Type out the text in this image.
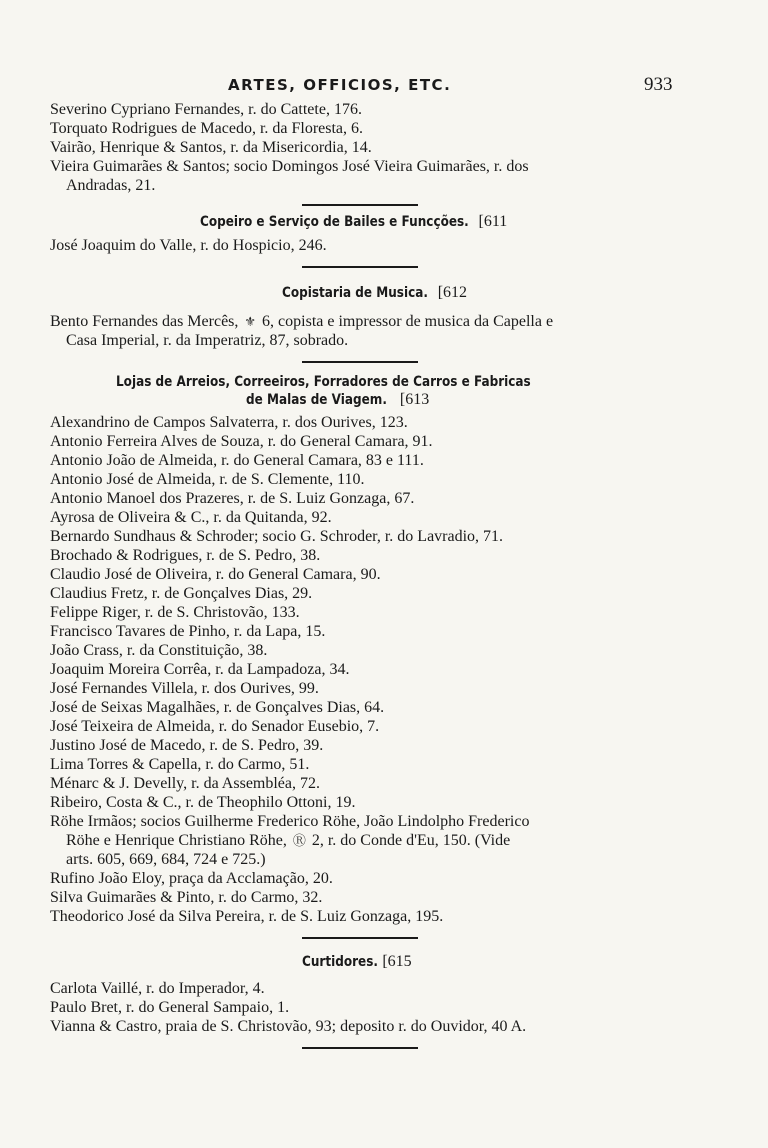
ARTES, OFFICIOS, ETC.	933
Severino Cypriano Fernandes, r. do Cattete, 176.
Torquato Rodrigues de Macedo, r. da Floresta, 6.
Vairão, Henrique & Santos, r. da Misericordia, 14.
Vieira Guimarães & Santos; socio Domingos José Vieira Guimarães, r. dos
Andradas, 21.
Copeiro e Serviço de Bailes e Funcções. [611
José Joaquim do Valle, r. do Hospicio, 246.
Copistaria de Musica. [612
Bento Fernandes das Mercês, ⚜ 6, copista e impressor de musica da Capella e
Casa Imperial, r. da Imperatriz, 87, sobrado.
Lojas de Arreios, Correeiros, Forradores de Carros e Fabricas
de Malas de Viagem. [613
Alexandrino de Campos Salvaterra, r. dos Ourives, 123.
Antonio Ferreira Alves de Souza, r. do General Camara, 91.
Antonio João de Almeida, r. do General Camara, 83 e 111.
Antonio José de Almeida, r. de S. Clemente, 110.
Antonio Manoel dos Prazeres, r. de S. Luiz Gonzaga, 67.
Ayrosa de Oliveira & C., r. da Quitanda, 92.
Bernardo Sundhaus & Schroder; socio G. Schroder, r. do Lavradio, 71.
Brochado & Rodrigues, r. de S. Pedro, 38.
Claudio José de Oliveira, r. do General Camara, 90.
Claudius Fretz, r. de Gonçalves Dias, 29.
Felippe Riger, r. de S. Christovão, 133.
Francisco Tavares de Pinho, r. da Lapa, 15.
João Crass, r. da Constituição, 38.
Joaquim Moreira Corrêa, r. da Lampadoza, 34.
José Fernandes Villela, r. dos Ourives, 99.
José de Seixas Magalhães, r. de Gonçalves Dias, 64.
José Teixeira de Almeida, r. do Senador Eusebio, 7.
Justino José de Macedo, r. de S. Pedro, 39.
Lima Torres & Capella, r. do Carmo, 51.
Ménarc & J. Develly, r. da Assembléa, 72.
Ribeiro, Costa & C., r. de Theophilo Ottoni, 19.
Röhe Irmãos; socios Guilherme Frederico Röhe, João Lindolpho Frederico
Röhe e Henrique Christiano Röhe, Ⓡ 2, r. do Conde d'Eu, 150. (Vide
arts. 605, 669, 684, 724 e 725.)
Rufino João Eloy, praça da Acclamação, 20.
Silva Guimarães & Pinto, r. do Carmo, 32.
Theodorico José da Silva Pereira, r. de S. Luiz Gonzaga, 195.
Curtidores. [615
Carlota Vaillé, r. do Imperador, 4.
Paulo Bret, r. do General Sampaio, 1.
Vianna & Castro, praia de S. Christovão, 93; deposito r. do Ouvidor, 40 A.
